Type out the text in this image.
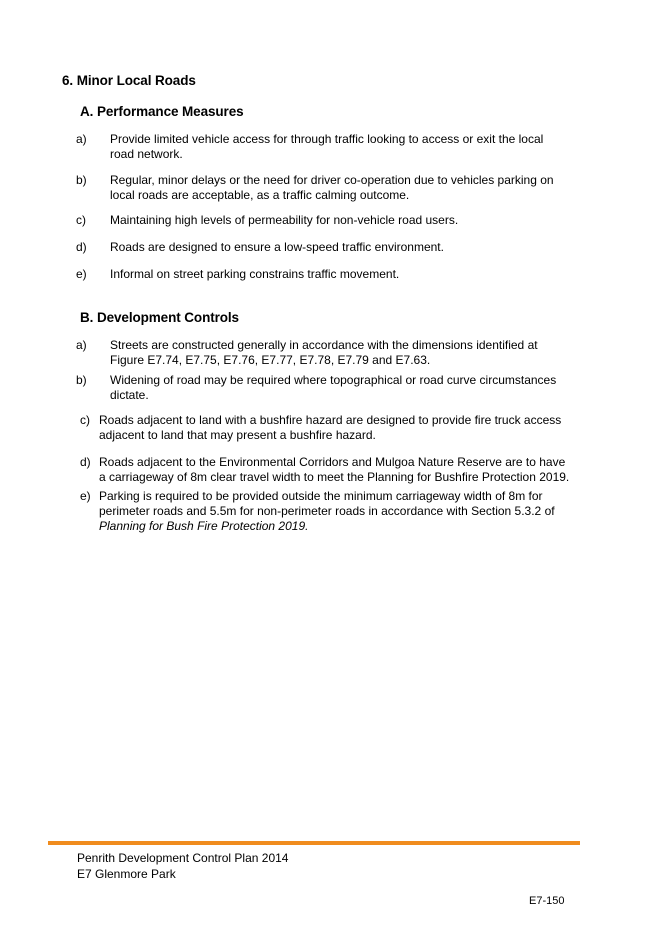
6. Minor Local Roads
A. Performance Measures
a) Provide limited vehicle access for through traffic looking to access or exit the local
road network.
b) Regular, minor delays or the need for driver co-operation due to vehicles parking on
local roads are acceptable, as a traffic calming outcome.
c) Maintaining high levels of permeability for non-vehicle road users.
d) Roads are designed to ensure a low-speed traffic environment.
e) Informal on street parking constrains traffic movement.
B. Development Controls
a) Streets are constructed generally in accordance with the dimensions identified at
Figure E7.74, E7.75, E7.76, E7.77, E7.78, E7.79 and E7.63.
b) Widening of road may be required where topographical or road curve circumstances
dictate.
c) Roads adjacent to land with a bushfire hazard are designed to provide fire truck access
adjacent to land that may present a bushfire hazard.
d) Roads adjacent to the Environmental Corridors and Mulgoa Nature Reserve are to have
a carriageway of 8m clear travel width to meet the Planning for Bushfire Protection 2019.
e) Parking is required to be provided outside the minimum carriageway width of 8m for
perimeter roads and 5.5m for non-perimeter roads in accordance with Section 5.3.2 of
Planning for Bush Fire Protection 2019.
Penrith Development Control Plan 2014
E7 Glenmore Park
E7-150
